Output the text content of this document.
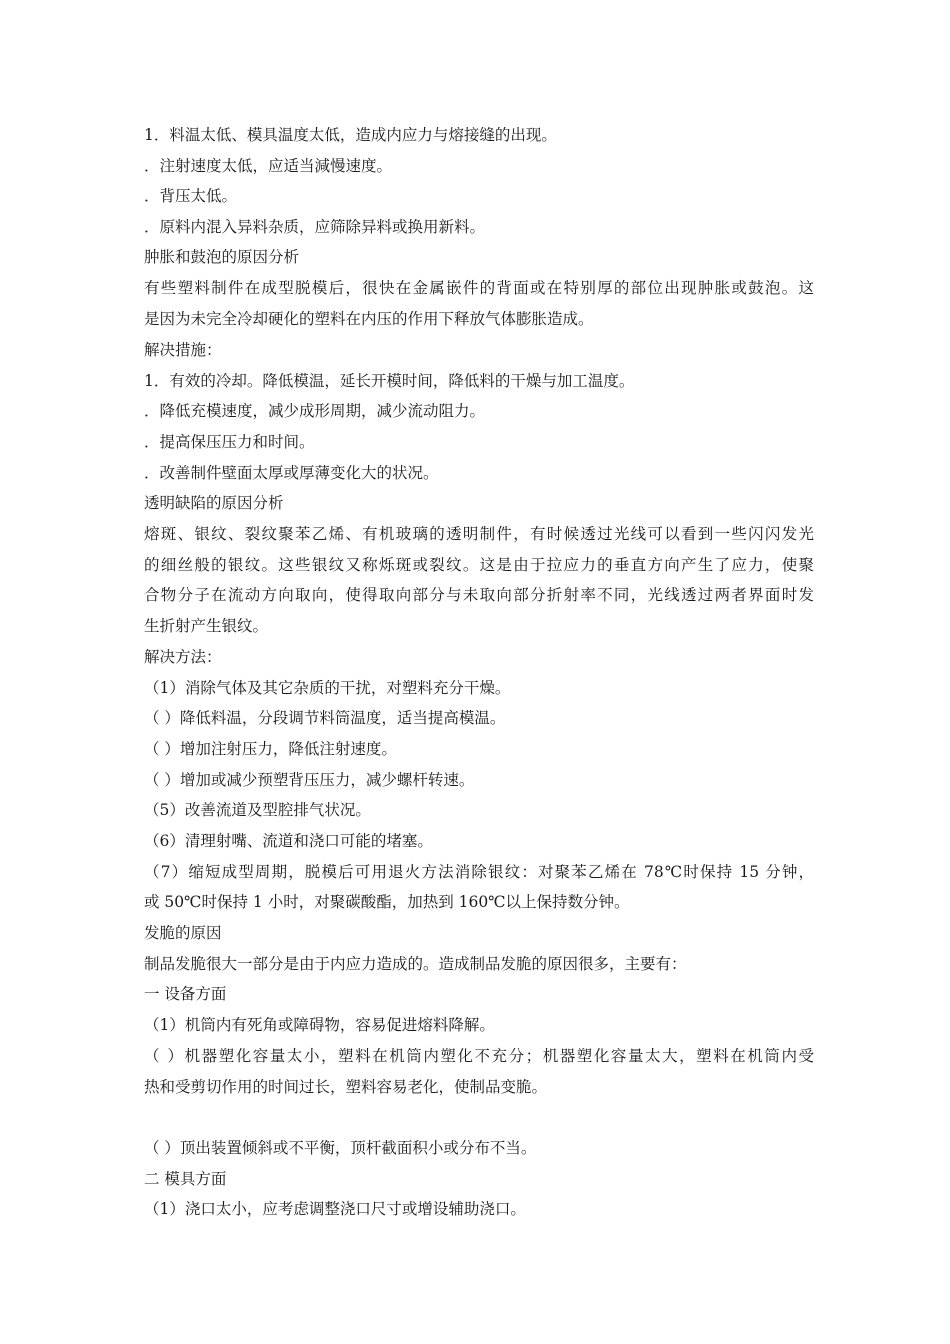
1．料温太低、模具温度太低，造成内应力与熔接缝的出现。
．注射速度太低，应适当減慢速度。
．背压太低。
．原料内混入异料杂质，应筛除异料或换用新料。
肿胀和鼓泡的原因分析
有些塑料制件在成型脱模后，很快在金属嵌件的背面或在特别厚的部位出现肿胀或鼓泡。这
是因为未完全冷却硬化的塑料在内压的作用下释放气体膨胀造成。
解决措施：
1．有效的冷却。降低模温，延长开模时间，降低料的干燥与加工温度。
．降低充模速度，减少成形周期，减少流动阻力。
．提高保压压力和时间。
．改善制件壁面太厚或厚薄变化大的状况。
透明缺陷的原因分析
熔斑、银纹、裂纹聚苯乙烯、有机玻璃的透明制件，有时候透过光线可以看到一些闪闪发光
的细丝般的银纹。这些银纹又称烁斑或裂纹。这是由于拉应力的垂直方向产生了应力，使聚
合物分子在流动方向取向，使得取向部分与未取向部分折射率不同，光线透过两者界面时发
生折射产生银纹。
解决方法：
（1）消除气体及其它杂质的干扰，对塑料充分干燥。
（ ）降低料温，分段调节料筒温度，适当提高模温。
（ ）增加注射压力，降低注射速度。
（ ）增加或减少预塑背压压力，减少螺杆转速。
（5）改善流道及型腔排气状况。
（6）清理射嘴、流道和浇口可能的堵塞。
（7）缩短成型周期，脱模后可用退火方法消除银纹：对聚苯乙烯在 78℃时保持 15 分钟，
或 50℃时保持 1 小时，对聚碳酸酯，加热到 160℃以上保持数分钟。
发脆的原因
制品发脆很大一部分是由于内应力造成的。造成制品发脆的原因很多，主要有：
一 设备方面
（1）机筒内有死角或障碍物，容易促进熔料降解。
（ ）机器塑化容量太小，塑料在机筒内塑化不充分；机器塑化容量太大，塑料在机筒内受
热和受剪切作用的时间过长，塑料容易老化，使制品变脆。
（ ）顶出装置倾斜或不平衡，顶杆截面积小或分布不当。
二 模具方面
（1）浇口太小，应考虑调整浇口尺寸或增设辅助浇口。
